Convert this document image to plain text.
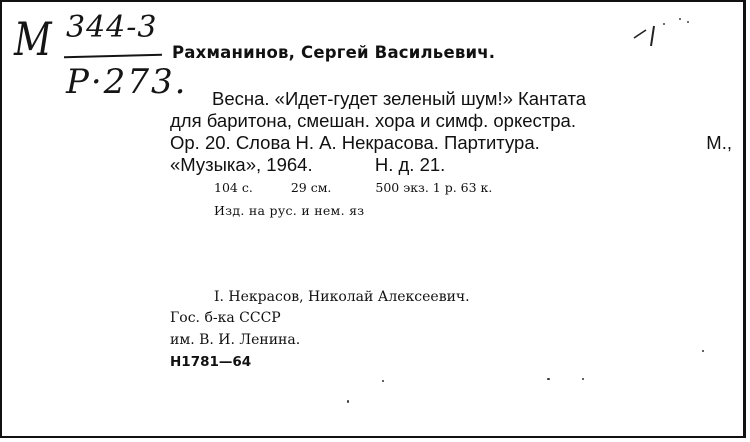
М 344-3
Р·273.
Рахманинов, Сергей Васильевич.
Весна. «Идет-гудет зеленый шум!» Кантата
для баритона, смешан. хора и симф. оркестра.
Op. 20. Слова Н. А. Некрасова. Партитура.	М.,
«Музыка», 1964.	Н. д. 21.
104 с.	29 см.	500 экз. 1 р. 63 к.
Изд. на рус. и нем. яз
I. Некрасов, Николай Алексеевич.
Гос. б-ка СССР
им. В. И. Ленина.
Н1781—64
